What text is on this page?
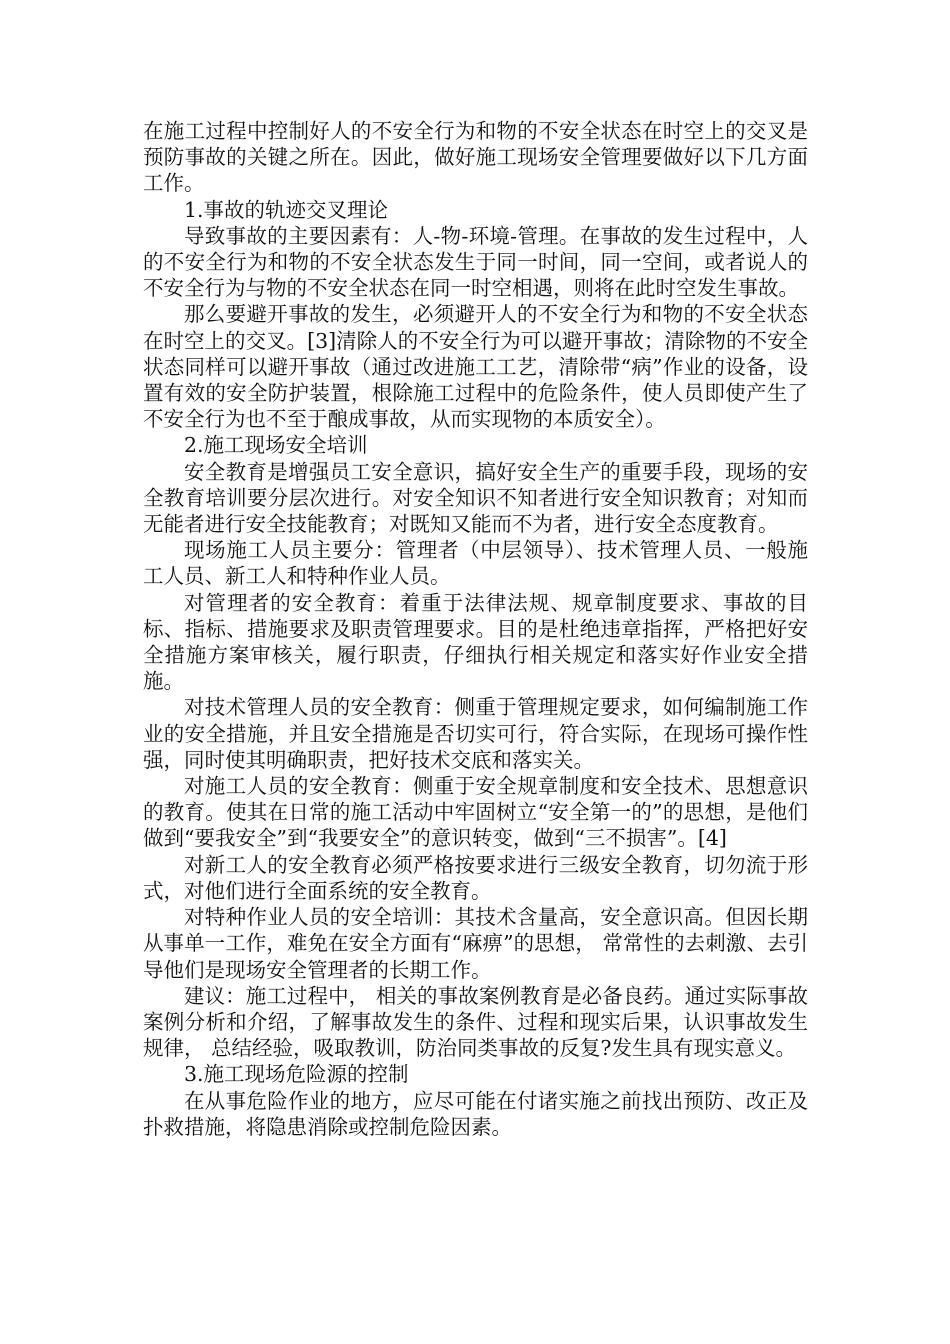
在施工过程中控制好人的不安全行为和物的不安全状态在时空上的交叉是预防事故的关键之所在。因此，做好施工现场安全管理要做好以下几方面工作。

1.事故的轨迹交叉理论

导致事故的主要因素有：人-物-环境-管理。在事故的发生过程中，人的不安全行为和物的不安全状态发生于同一时间，同一空间，或者说人的不安全行为与物的不安全状态在同一时空相遇，则将在此时空发生事故。

那么要避开事故的发生，必须避开人的不安全行为和物的不安全状态在时空上的交叉。[3]清除人的不安全行为可以避开事故；清除物的不安全状态同样可以避开事故（通过改进施工工艺，清除带“病”作业的设备，设置有效的安全防护装置，根除施工过程中的危险条件，使人员即使产生了不安全行为也不至于酿成事故，从而实现物的本质安全）。

2.施工现场安全培训

安全教育是增强员工安全意识，搞好安全生产的重要手段，现场的安全教育培训要分层次进行。对安全知识不知者进行安全知识教育；对知而无能者进行安全技能教育；对既知又能而不为者，进行安全态度教育。

现场施工人员主要分：管理者（中层领导）、技术管理人员、一般施工人员、新工人和特种作业人员。

对管理者的安全教育：着重于法律法规、规章制度要求、事故的目标、指标、措施要求及职责管理要求。目的是杜绝违章指挥，严格把好安全措施方案审核关，履行职责，仔细执行相关规定和落实好作业安全措施。

对技术管理人员的安全教育：侧重于管理规定要求，如何编制施工作业的安全措施，并且安全措施是否切实可行，符合实际，在现场可操作性强，同时使其明确职责，把好技术交底和落实关。

对施工人员的安全教育：侧重于安全规章制度和安全技术、思想意识的教育。使其在日常的施工活动中牢固树立“安全第一的”的思想，是他们做到“要我安全”到“我要安全”的意识转变，做到“三不损害”。[4]

对新工人的安全教育必须严格按要求进行三级安全教育，切勿流于形式，对他们进行全面系统的安全教育。

对特种作业人员的安全培训：其技术含量高，安全意识高。但因长期从事单一工作，难免在安全方面有“麻痹”的思想， 常常性的去刺激、去引导他们是现场安全管理者的长期工作。

建议：施工过程中， 相关的事故案例教育是必备良药。通过实际事故案例分析和介绍，了解事故发生的条件、过程和现实后果，认识事故发生规律， 总结经验，吸取教训，防治同类事故的反复?发生具有现实意义。

3.施工现场危险源的控制

在从事危险作业的地方，应尽可能在付诸实施之前找出预防、改正及扑救措施，将隐患消除或控制危险因素。
